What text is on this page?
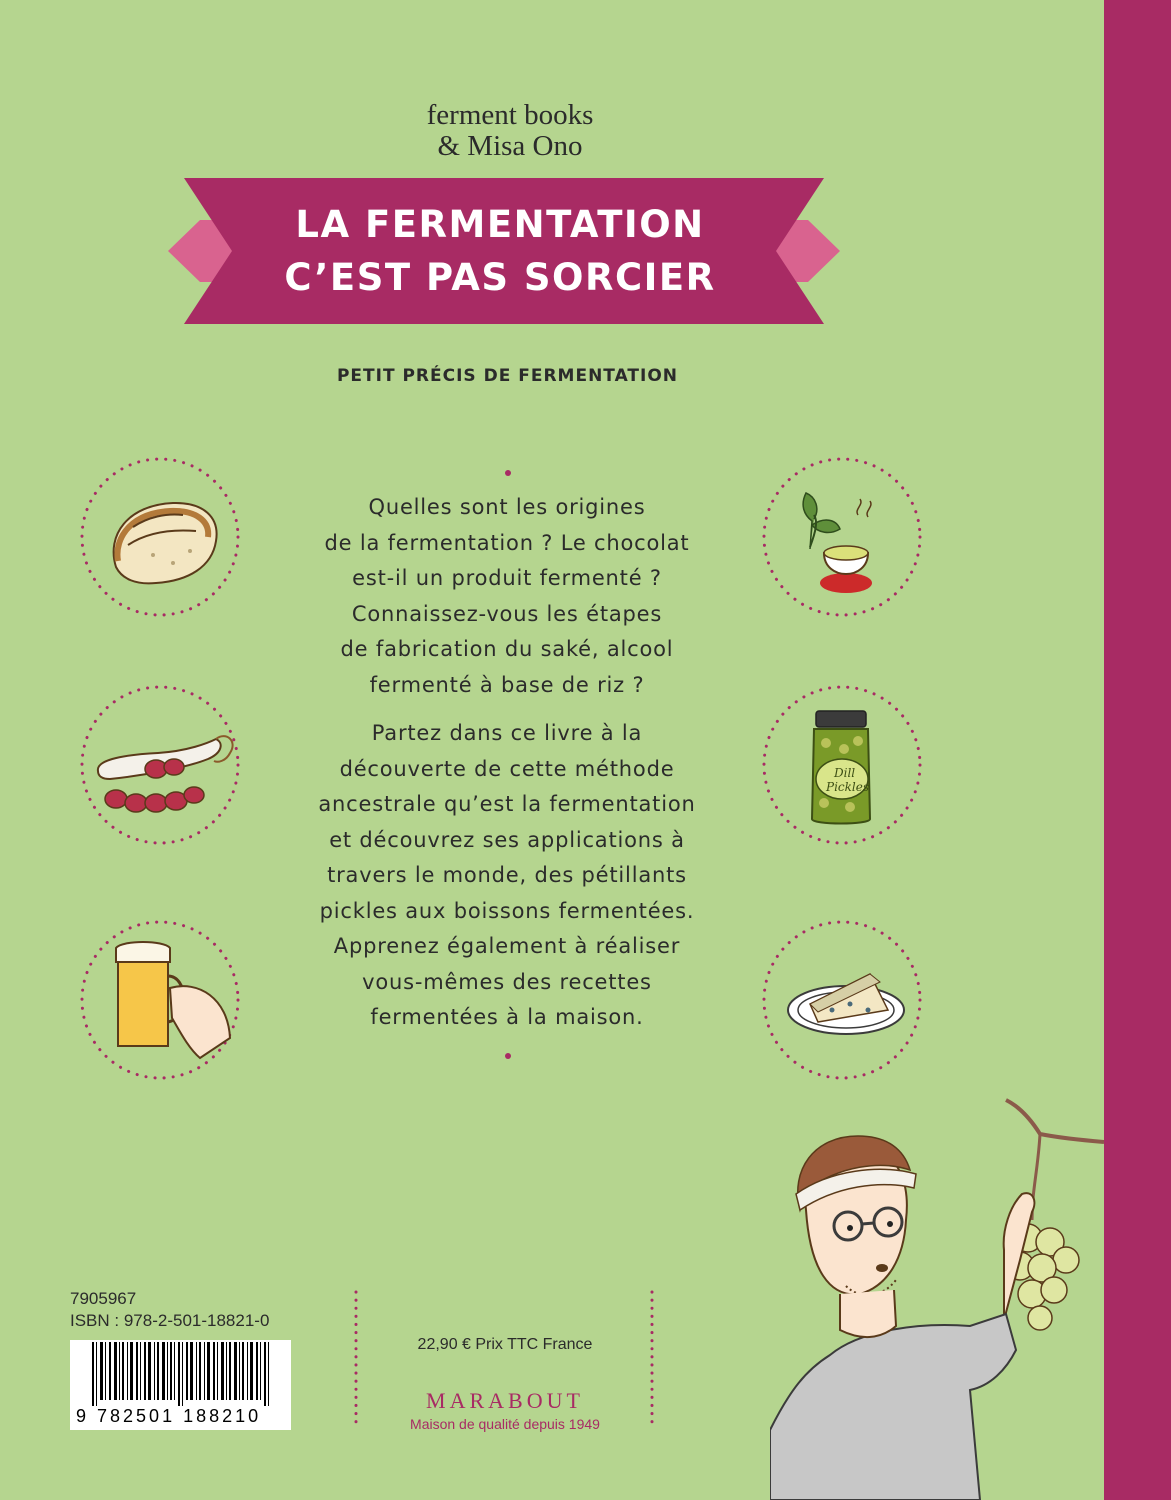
ferment books
& Misa Ono
LA FERMENTATION
C’EST PAS SORCIER
PETIT PRÉCIS DE FERMENTATION
Quelles sont les origines
de la fermentation ? Le chocolat
est-il un produit fermenté ?
Connaissez-vous les étapes
de fabrication du saké, alcool
fermenté à base de riz ?
Partez dans ce livre à la
découverte de cette méthode
ancestrale qu’est la fermentation
et découvrez ses applications à
travers le monde, des pétillants
pickles aux boissons fermentées.
Apprenez également à réaliser
vous-mêmes des recettes
fermentées à la maison.
Dill
Pickles
7905967
ISBN : 978-2-501-18821-0
9 782501 188210
22,90 € Prix TTC France
MARABOUT
Maison de qualité depuis 1949
